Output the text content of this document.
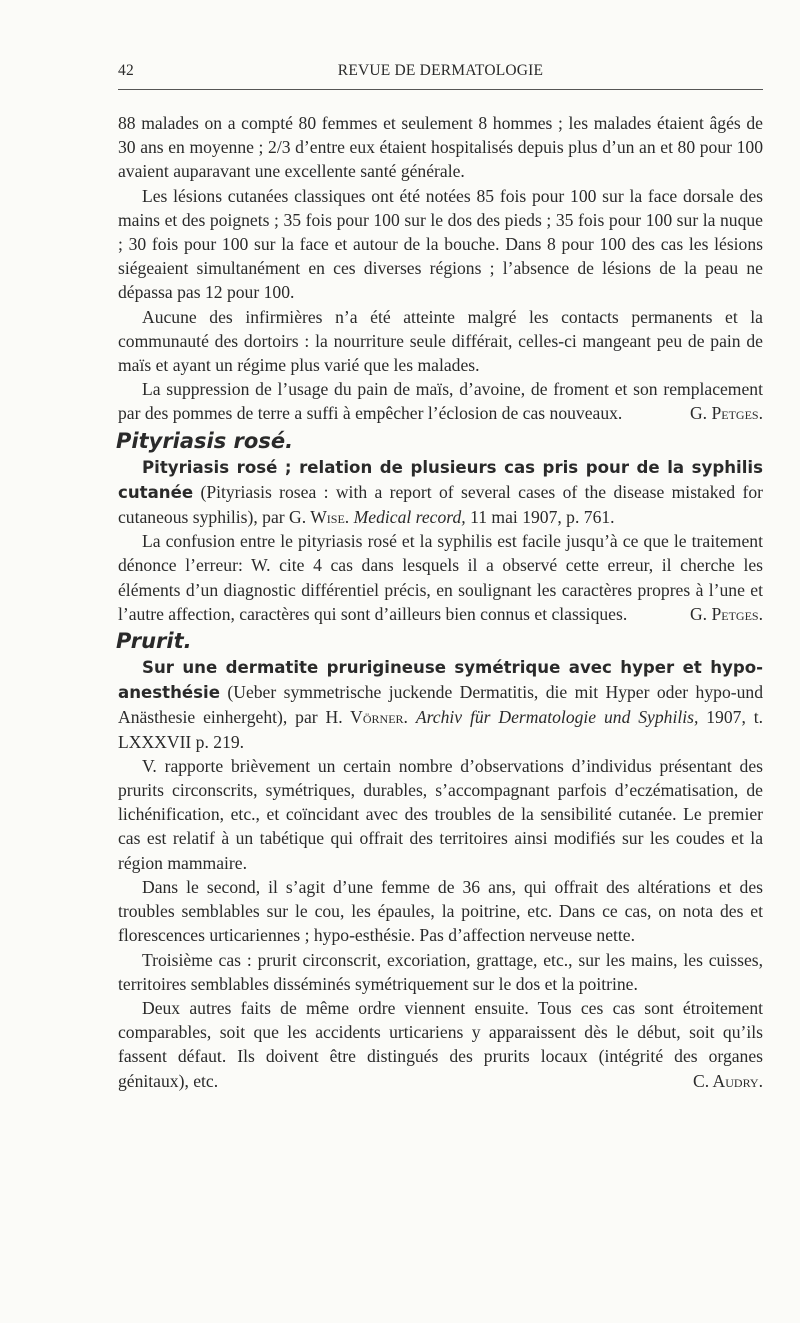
42	REVUE DE DERMATOLOGIE

88 malades on a compté 80 femmes et seulement 8 hommes ; les malades étaient âgés de 30 ans en moyenne ; 2/3 d’entre eux étaient hospitalisés depuis plus d’un an et 80 pour 100 avaient auparavant une excellente santé générale.

Les lésions cutanées classiques ont été notées 85 fois pour 100 sur la face dorsale des mains et des poignets ; 35 fois pour 100 sur le dos des pieds ; 35 fois pour 100 sur la nuque ; 30 fois pour 100 sur la face et autour de la bouche. Dans 8 pour 100 des cas les lésions siégeaient simultanément en ces diverses régions ; l’absence de lésions de la peau ne dépassa pas 12 pour 100.

Aucune des infirmières n’a été atteinte malgré les contacts permanents et la communauté des dortoirs : la nourriture seule différait, celles-ci mangeant peu de pain de maïs et ayant un régime plus varié que les malades.

La suppression de l’usage du pain de maïs, d’avoine, de froment et son remplacement par des pommes de terre a suffi à empêcher l’éclosion de cas nouveaux.	G. Petges.

Pityriasis rosé.

Pityriasis rosé ; relation de plusieurs cas pris pour de la syphilis cutanée (Pityriasis rosea : with a report of several cases of the disease mistaked for cutaneous syphilis), par G. Wise. Medical record, 11 mai 1907, p. 761.

La confusion entre le pityriasis rosé et la syphilis est facile jusqu’à ce que le traitement dénonce l’erreur: W. cite 4 cas dans lesquels il a observé cette erreur, il cherche les éléments d’un diagnostic différentiel précis, en soulignant les caractères propres à l’une et l’autre affection, caractères qui sont d’ailleurs bien connus et classiques.	G. Petges.

Prurit.

Sur une dermatite prurigineuse symétrique avec hyper et hypo-anesthésie (Ueber symmetrische juckende Dermatitis, die mit Hyper oder hypo-und Anästhesie einhergeht), par H. Vörner. Archiv für Dermatologie und Syphilis, 1907, t. LXXXVII p. 219.

V. rapporte brièvement un certain nombre d’observations d’individus présentant des prurits circonscrits, symétriques, durables, s’accompagnant parfois d’eczématisation, de lichénification, etc., et coïncidant avec des troubles de la sensibilité cutanée. Le premier cas est relatif à un tabétique qui offrait des territoires ainsi modifiés sur les coudes et la région mammaire.

Dans le second, il s’agit d’une femme de 36 ans, qui offrait des altérations et des troubles semblables sur le cou, les épaules, la poitrine, etc. Dans ce cas, on nota des et florescences urticariennes ; hypo-esthésie. Pas d’affection nerveuse nette.

Troisième cas : prurit circonscrit, excoriation, grattage, etc., sur les mains, les cuisses, territoires semblables disséminés symétriquement sur le dos et la poitrine.

Deux autres faits de même ordre viennent ensuite. Tous ces cas sont étroitement comparables, soit que les accidents urticariens y apparaissent dès le début, soit qu’ils fassent défaut. Ils doivent être distingués des prurits locaux (intégrité des organes génitaux), etc.	C. Audry.
